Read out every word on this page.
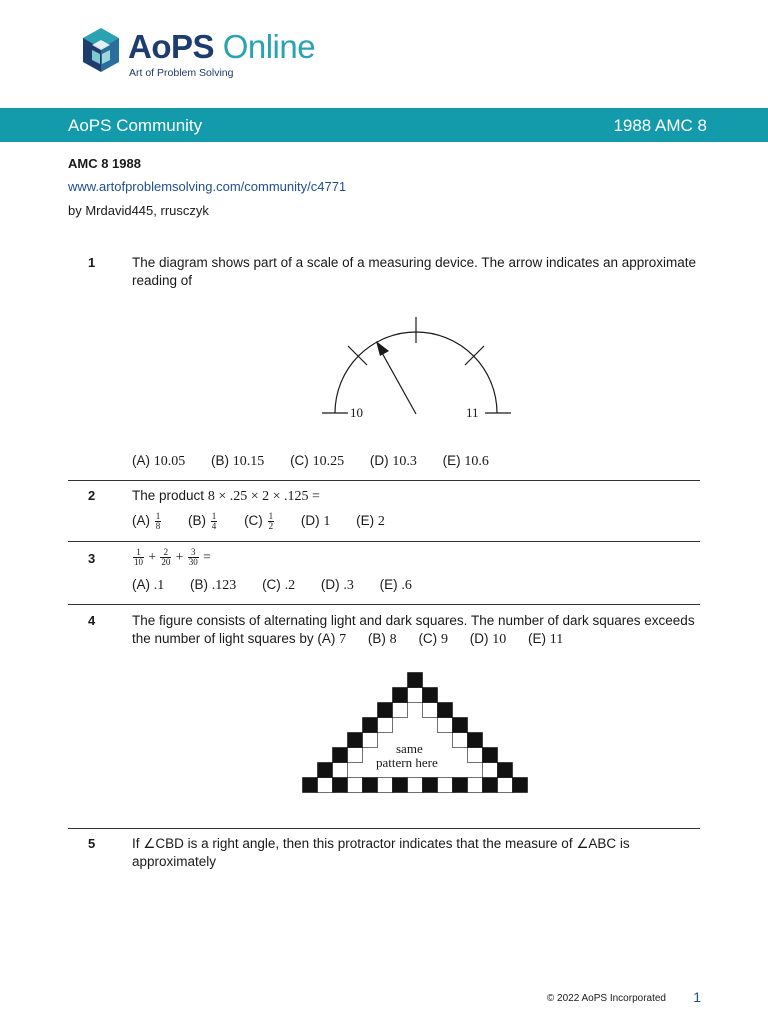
AoPS Online
Art of Problem Solving
AoPS Community	1988 AMC 8
AMC 8 1988
www.artofproblemsolving.com/community/c4771
by Mrdavid445, rrusczyk
1	The diagram shows part of a scale of a measuring device. The arrow indicates an approximate reading of
10	11
(A) 10.05 (B) 10.15 (C) 10.25 (D) 10.3 (E) 10.6
2	The product 8 × .25 × 2 × .125 =
$(A) \frac{1}{8} (B) \frac{1}{4} (C) \frac{1}{2} (D)$ 1 (E) 2
3	$\frac{1}{10} + \frac{2}{20} + \frac{3}{30}$ =
(A) .1 (B) .123 (C) .2 (D) .3 (E) .6
4	The figure consists of alternating light and dark squares. The number of dark squares exceeds
the number of light squares by (A) 7 (B) 8 (C) 9 (D) 10 (E) 11
same
pattern here
5	If ∠CBD is a right angle, then this protractor indicates that the measure of ∠ABC is approximately
© 2022 AoPS Incorporated 1
